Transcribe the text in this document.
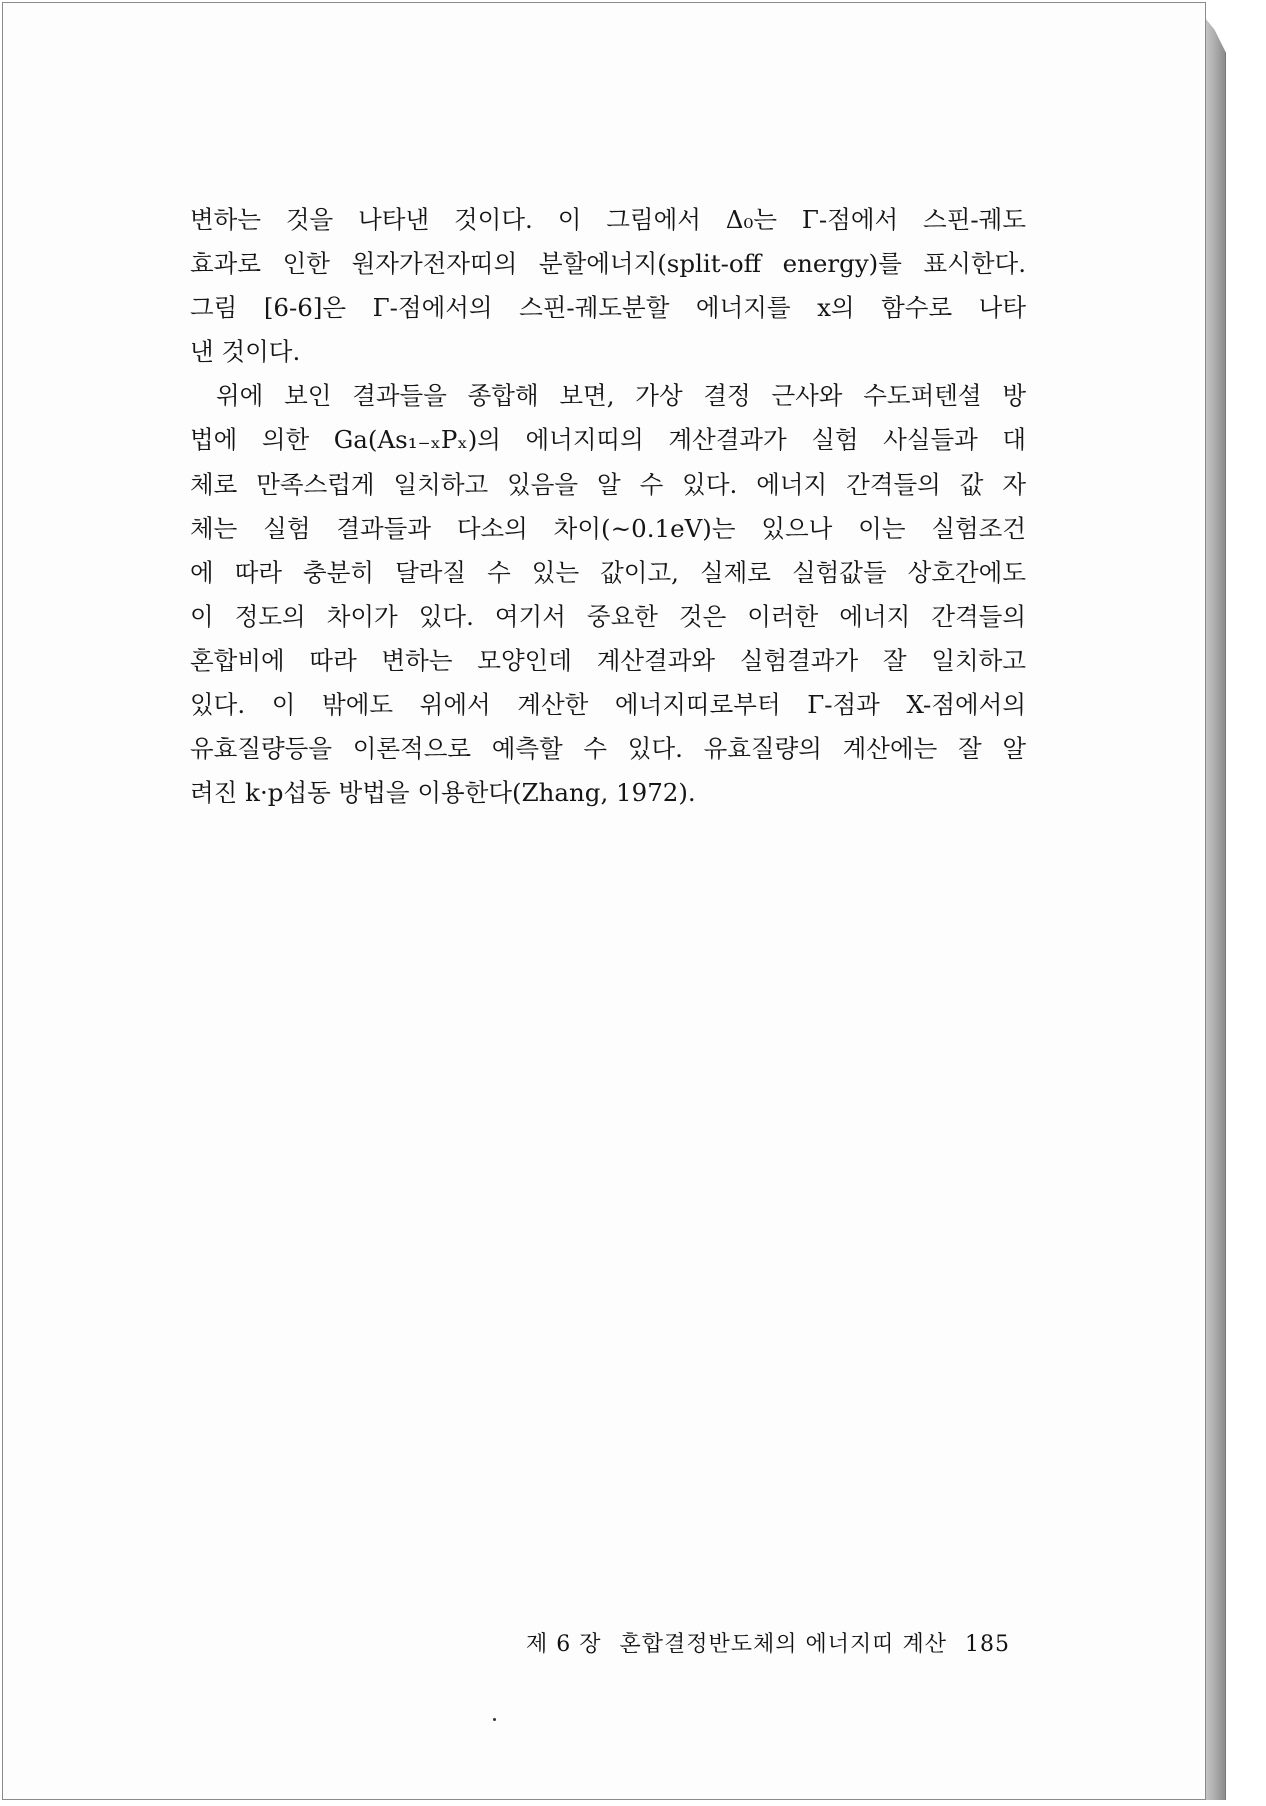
변하는 것을 나타낸 것이다. 이 그림에서 Δ₀는 Γ-점에서 스핀-궤도
효과로 인한 원자가전자띠의 분할에너지(split-off energy)를 표시한다.
그림 [6-6]은 Γ-점에서의 스핀-궤도분할 에너지를 x의 함수로 나타
낸 것이다.
위에 보인 결과들을 종합해 보면, 가상 결정 근사와 수도퍼텐셜 방
법에 의한 Ga(As₁₋ₓPₓ)의 에너지띠의 계산결과가 실험 사실들과 대
체로 만족스럽게 일치하고 있음을 알 수 있다. 에너지 간격들의 값 자
체는 실험 결과들과 다소의 차이(~0.1eV)는 있으나 이는 실험조건
에 따라 충분히 달라질 수 있는 값이고, 실제로 실험값들 상호간에도
이 정도의 차이가 있다. 여기서 중요한 것은 이러한 에너지 간격들의
혼합비에 따라 변하는 모양인데 계산결과와 실험결과가 잘 일치하고
있다. 이 밖에도 위에서 계산한 에너지띠로부터 Γ-점과 X-점에서의
유효질량등을 이론적으로 예측할 수 있다. 유효질량의 계산에는 잘 알
려진 k·p섭동 방법을 이용한다(Zhang, 1972).
제 6 장 혼합결정반도체의 에너지띠 계산 185
